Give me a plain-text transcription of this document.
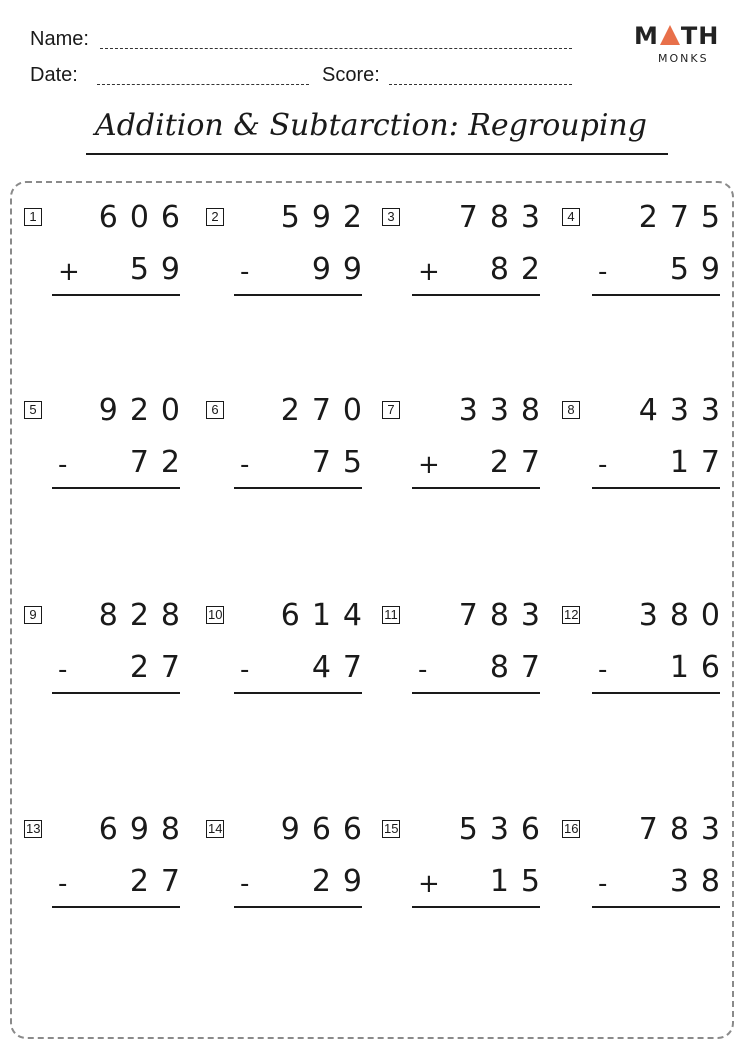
Name:
Date:	Score:
M TH
MONKS
Addition & Subtarction: Regrouping
1 606
+ 59
2 592
- 99
3 783
+ 82
4 275
- 59
5 920
- 72
6 270
- 75
7 338
+ 27
8 433
- 17
9 828
- 27
10 614
- 47
11 783
- 87
12 380
- 16
13 698
- 27
14 966
- 29
15 536
+ 15
16 783
- 38
